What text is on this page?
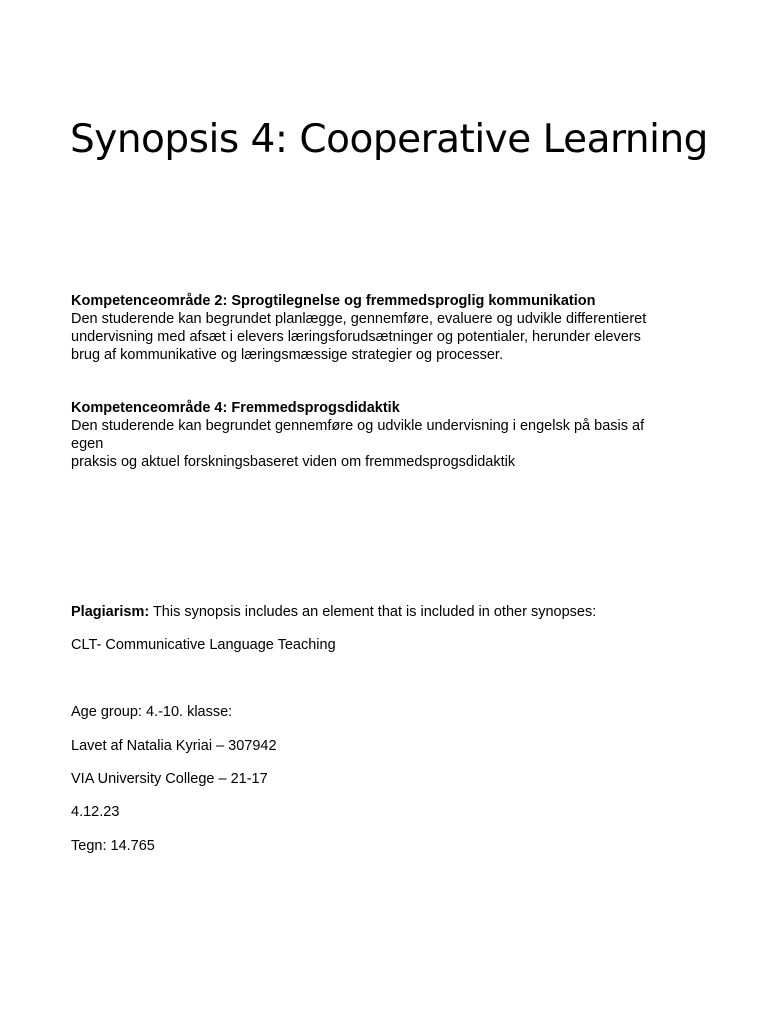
Synopsis 4: Cooperative Learning
Kompetenceområde 2: Sprogtilegnelse og fremmedsproglig kommunikation
Den studerende kan begrundet planlægge, gennemføre, evaluere og udvikle differentieret
undervisning med afsæt i elevers læringsforudsætninger og potentialer, herunder elevers
brug af kommunikative og læringsmæssige strategier og processer.
Kompetenceområde 4: Fremmedsprogsdidaktik
Den studerende kan begrundet gennemføre og udvikle undervisning i engelsk på basis af
egen
praksis og aktuel forskningsbaseret viden om fremmedsprogsdidaktik

Plagiarism: This synopsis includes an element that is included in other synopses:

CLT- Communicative Language Teaching

Age group: 4.-10. klasse:

Lavet af Natalia Kyriai – 307942

VIA University College – 21-17

4.12.23

Tegn: 14.765
